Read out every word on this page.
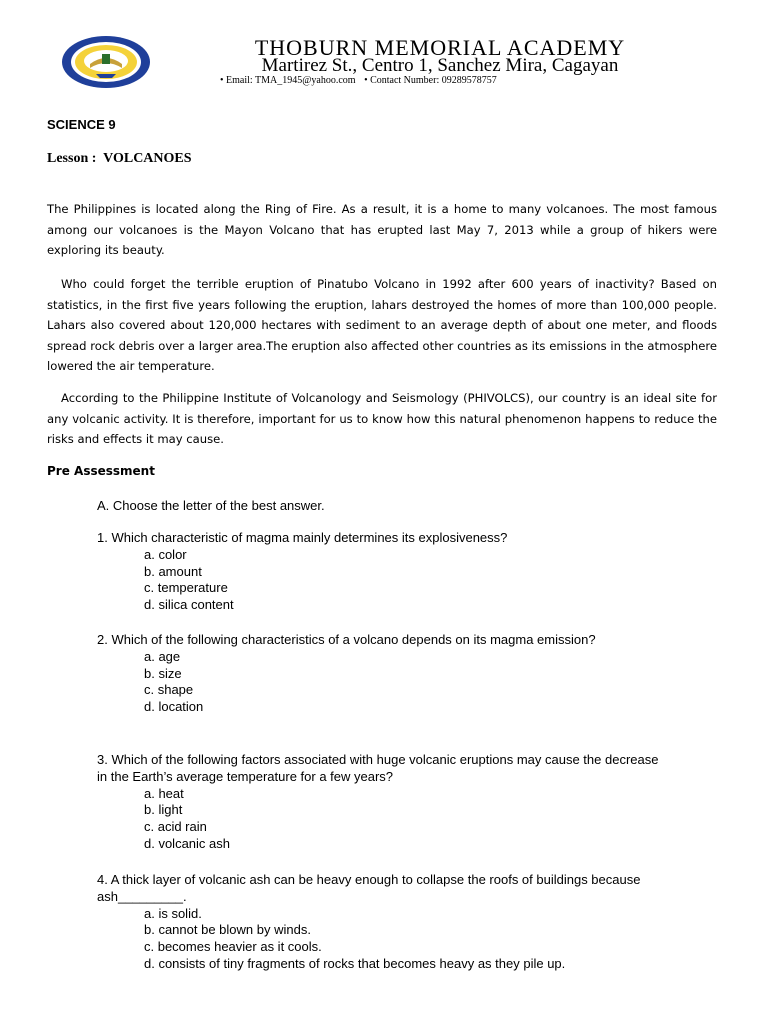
THOBURN MEMORIAL ACADEMY
Martirez St., Centro 1, Sanchez Mira, Cagayan
• Email: TMA_1945@yahoo.com • Contact Number: 09289578757
SCIENCE 9
Lesson :  VOLCANOES

The Philippines is located along the Ring of Fire. As a result, it is a home to many volcanoes. The most famous among our volcanoes is the Mayon Volcano that has erupted last May 7, 2013 while a group of hikers were exploring its beauty.

Who could forget the terrible eruption of Pinatubo Volcano in 1992 after 600 years of inactivity? Based on statistics, in the first five years following the eruption, lahars destroyed the homes of more than 100,000 people. Lahars also covered about 120,000 hectares with sediment to an average depth of about one meter, and floods spread rock debris over a larger area.The eruption also affected other countries as its emissions in the atmosphere lowered the air temperature.

According to the Philippine Institute of Volcanology and Seismology (PHIVOLCS), our country is an ideal site for any volcanic activity. It is therefore, important for us to know how this natural phenomenon happens to reduce the risks and effects it may cause.

Pre Assessment
A. Choose the letter of the best answer.

1. Which characteristic of magma mainly determines its explosiveness?

a. color
b. amount
c. temperature
d. silica content

2. Which of the following characteristics of a volcano depends on its magma emission?

a. age
b. size
c. shape
d. location

3. Which of the following factors associated with huge volcanic eruptions may cause the decrease in the Earth’s average temperature for a few years?

a. heat
b. light
c. acid rain
d. volcanic ash

4. A thick layer of volcanic ash can be heavy enough to collapse the roofs of buildings because ash_________.

a. is solid.
b. cannot be blown by winds.
c. becomes heavier as it cools.
d. consists of tiny fragments of rocks that becomes heavy as they pile up.
